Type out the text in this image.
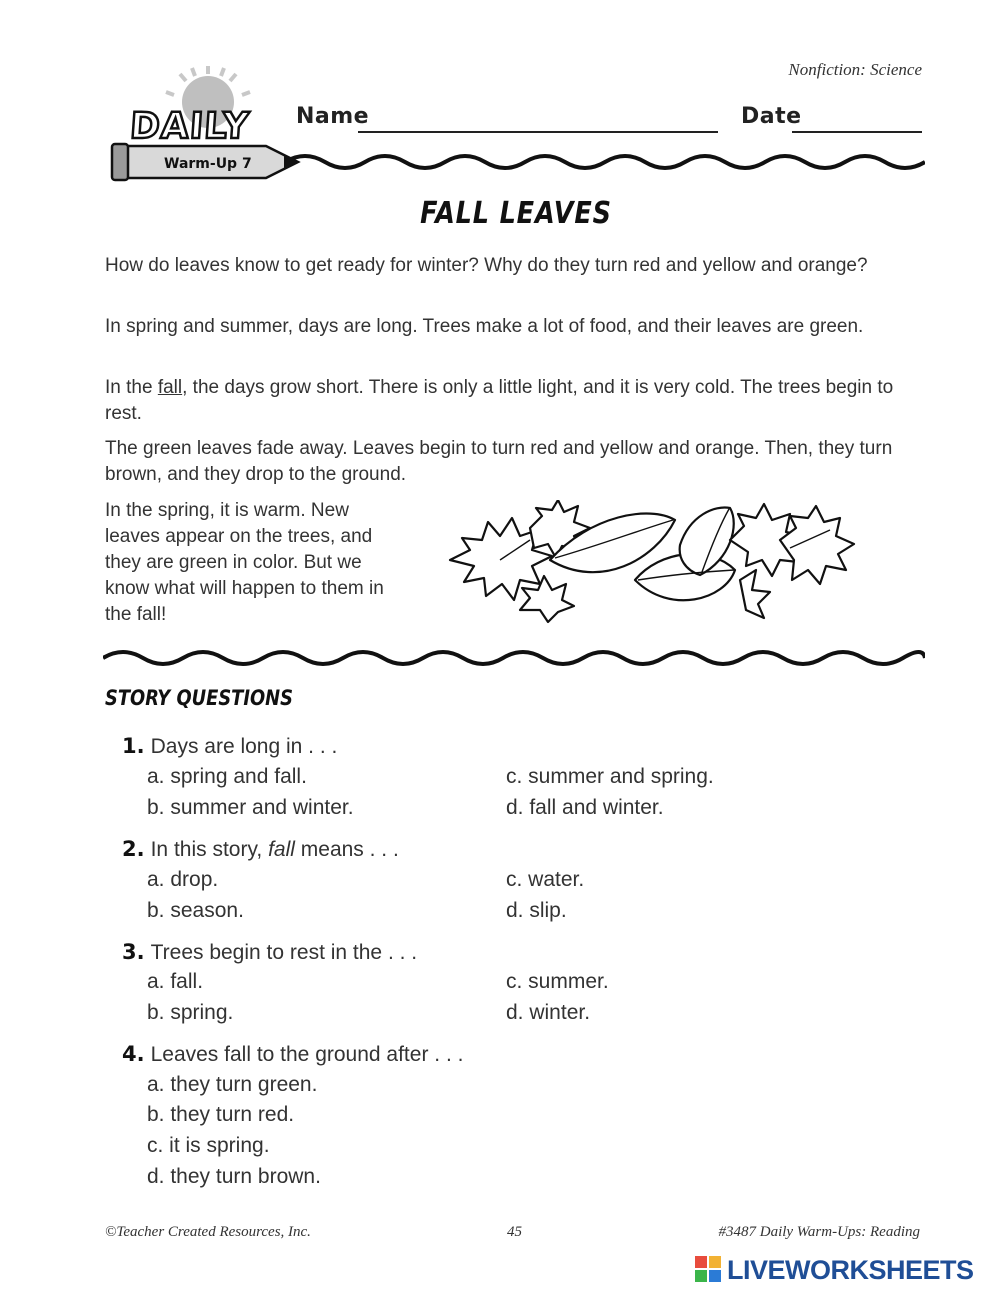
Nonfiction: Science
DAILY
Warm-Up 7
Name	Date
FALL LEAVES
How do leaves know to get ready for winter? Why do they turn red and yellow and orange?
In spring and summer, days are long. Trees make a lot of food, and their leaves are green.
In the fall, the days grow short. There is only a little light, and it is very cold. The trees begin to rest.
The green leaves fade away. Leaves begin to turn red and yellow and orange. Then, they turn brown, and they drop to the ground.
In the spring, it is warm. New leaves appear on the trees, and they are green in color. But we know what will happen to them in the fall!
STORY QUESTIONS
1. Days are long in . . .
a. spring and fall.
b. summer and winter.
c. summer and spring.
d. fall and winter.
2. In this story, fall means . . .
a. drop.
b. season.
c. water.
d. slip.
3. Trees begin to rest in the . . .
a. fall.
b. spring.
c. summer.
d. winter.
4. Leaves fall to the ground after . . .
a. they turn green.
b. they turn red.
c. it is spring.
d. they turn brown.
©Teacher Created Resources, Inc.	45	#3487 Daily Warm-Ups: Reading
LIVEWORKSHEETS
